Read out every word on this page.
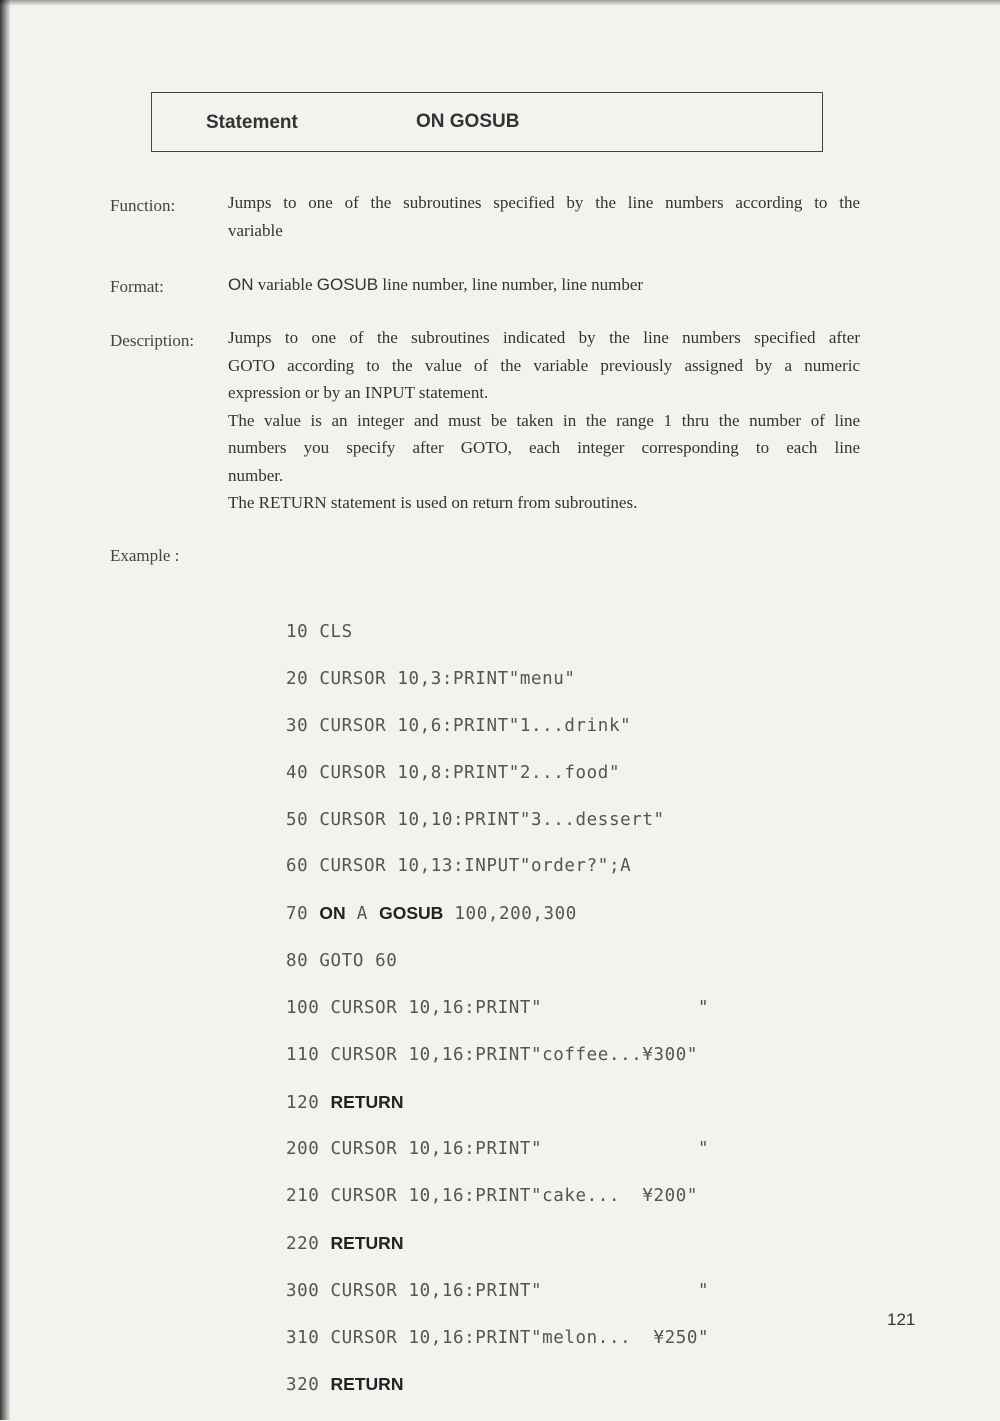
Statement	ON GOSUB
Function:	Jumps to one of the subroutines specified by the line numbers according to the
variable
Format:	ON variable GOSUB line number, line number, line number
Description: Jumps to one of the subroutines indicated by the line numbers specified after
GOTO according to the value of the variable previously assigned by a numeric
expression or by an INPUT statement.
The value is an integer and must be taken in the range 1 thru the number of line
numbers you specify after GOTO, each integer corresponding to each line
number.
The RETURN statement is used on return from subroutines.
Example :

10 CLS

20 CURSOR 10,3:PRINT"menu"

30 CURSOR 10,6:PRINT"1...drink"

40 CURSOR 10,8:PRINT"2...food"

50 CURSOR 10,10:PRINT"3...dessert"

60 CURSOR 10,13:INPUT"order?";A

70 ON A GOSUB 100,200,300

80 GOTO 60

100 CURSOR 10,16:PRINT"              "

110 CURSOR 10,16:PRINT"coffee...¥300"

120 RETURN

200 CURSOR 10,16:PRINT"              "

210 CURSOR 10,16:PRINT"cake...  ¥200"

220 RETURN

300 CURSOR 10,16:PRINT"              "

310 CURSOR 10,16:PRINT"melon...  ¥250"

320 RETURN

121
